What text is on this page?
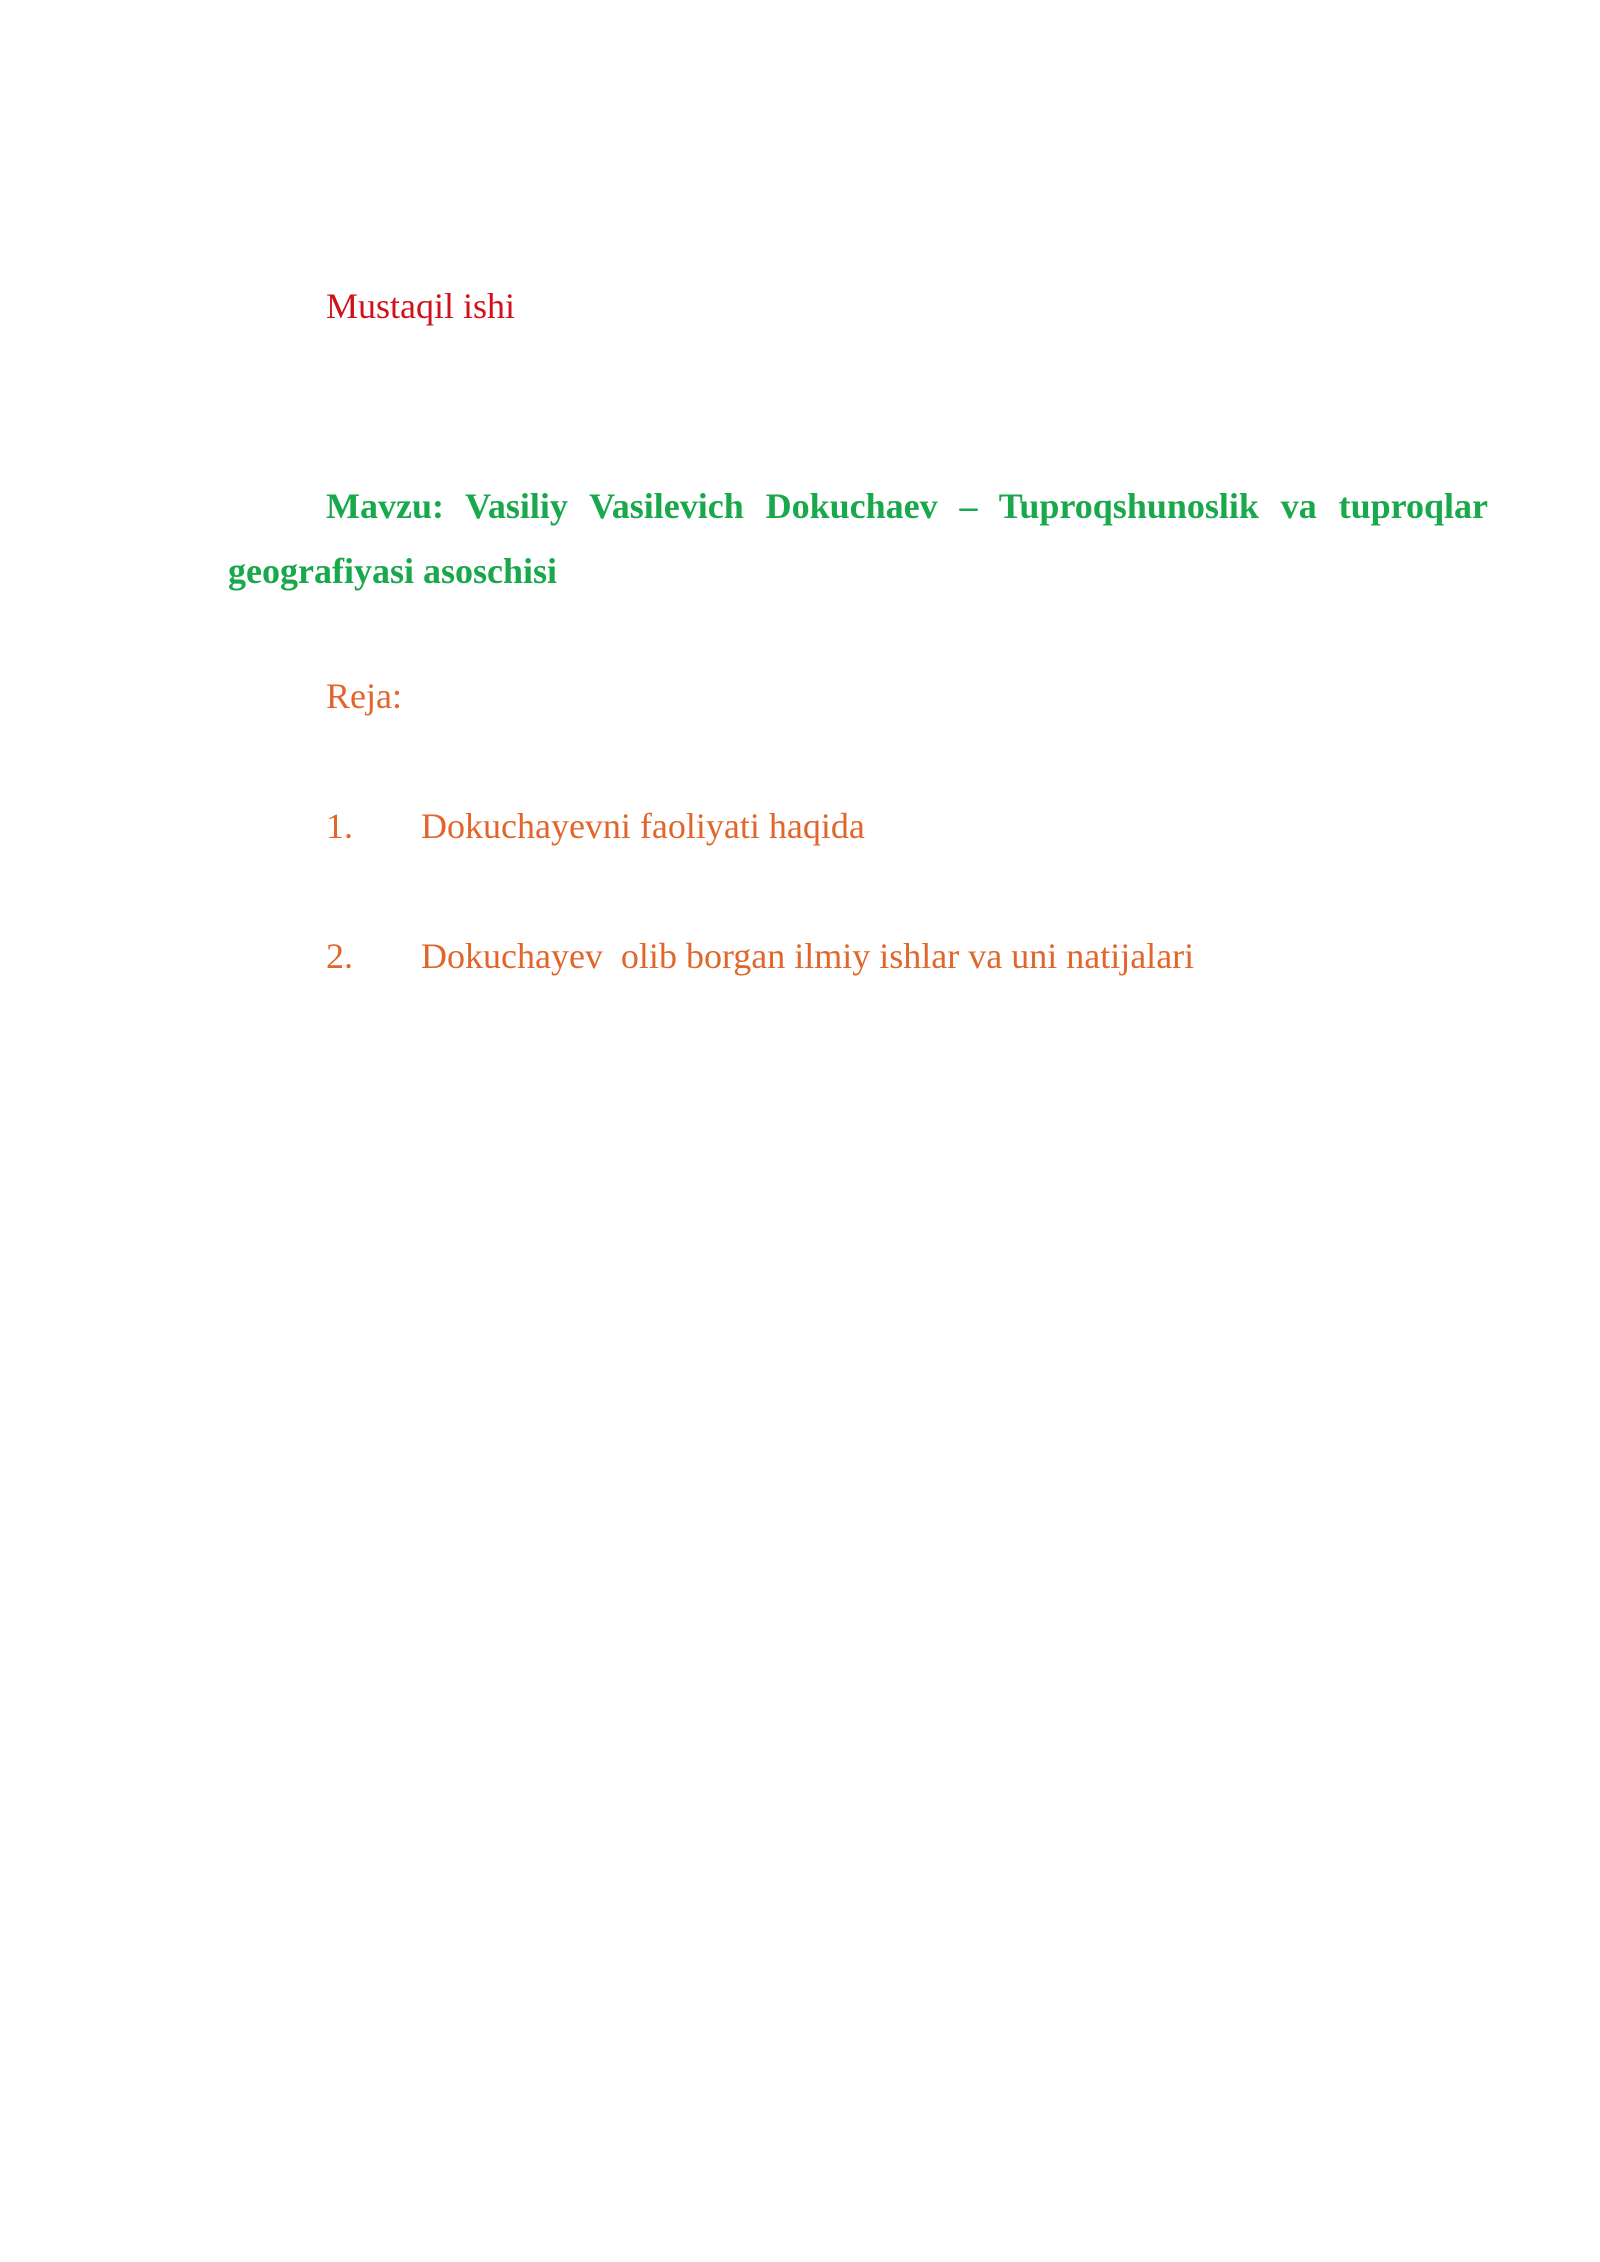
Mustaqil ishi
Mavzu: Vasiliy Vasilevich Dokuchaev – Tuproqshunoslik va tuproqlar
geografiyasi asoschisi
Reja:
1. Dokuchayevni faoliyati haqida
2. Dokuchayev  olib borgan ilmiy ishlar va uni natijalari
